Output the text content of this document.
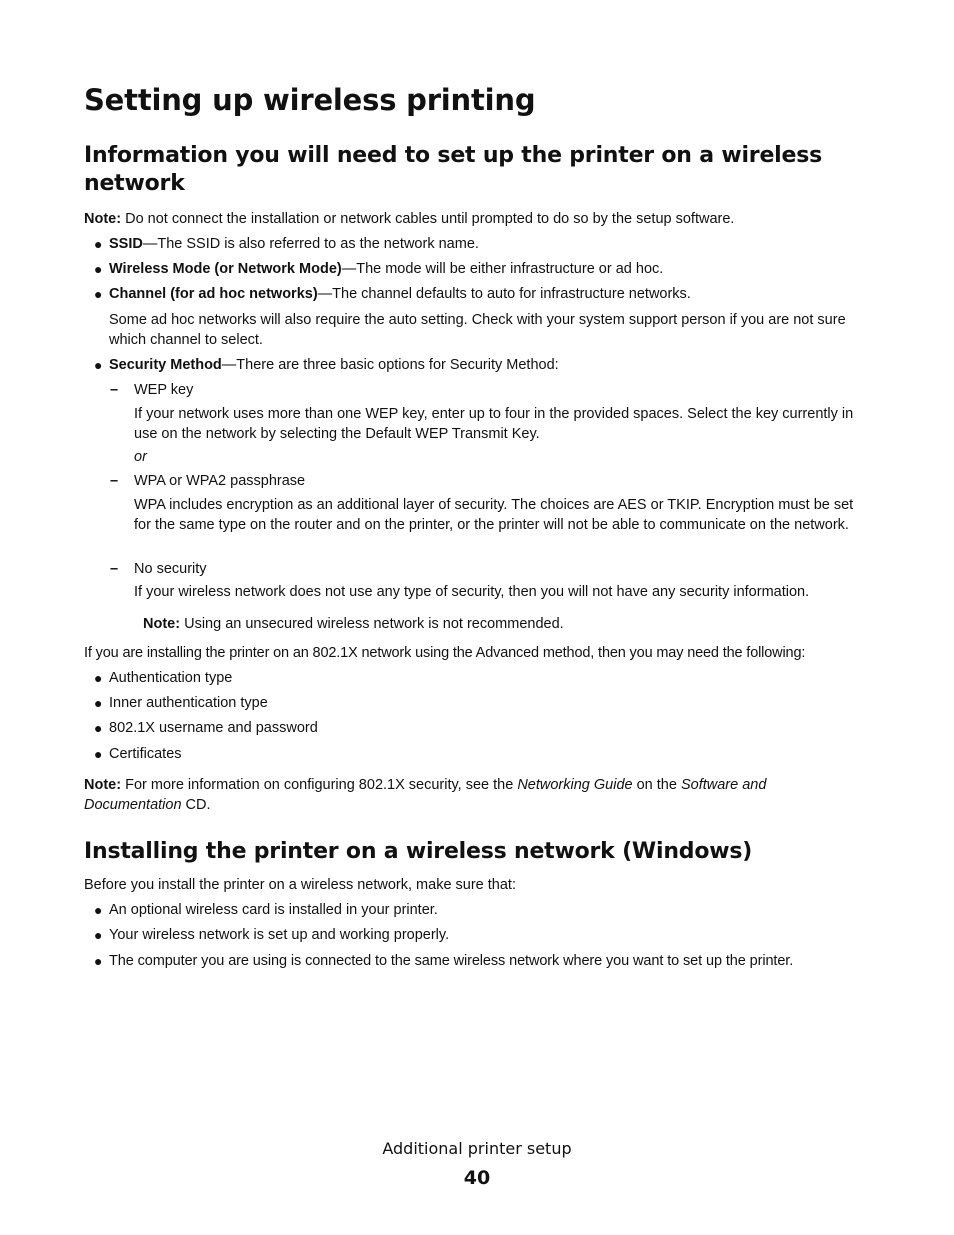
Setting up wireless printing
Information you will need to set up the printer on a wireless
network

Note: Do not connect the installation or network cables until prompted to do so by the setup software.

● SSID—The SSID is also referred to as the network name.

● Wireless Mode (or Network Mode)—The mode will be either infrastructure or ad hoc.

● Channel (for ad hoc networks)—The channel defaults to auto for infrastructure networks.

Some ad hoc networks will also require the auto setting. Check with your system support person if you are not sure which channel to select.

● Security Method—There are three basic options for Security Method:

– WEP key

If your network uses more than one WEP key, enter up to four in the provided spaces. Select the key currently in use on the network by selecting the Default WEP Transmit Key.

or

– WPA or WPA2 passphrase

WPA includes encryption as an additional layer of security. The choices are AES or TKIP. Encryption must be set for the same type on the router and on the printer, or the printer will not be able to communicate on the network.

– No security

If your wireless network does not use any type of security, then you will not have any security information.

Note: Using an unsecured wireless network is not recommended.

If you are installing the printer on an 802.1X network using the Advanced method, then you may need the following:

● Authentication type

● Inner authentication type

● 802.1X username and password

● Certificates

Note: For more information on configuring 802.1X security, see the Networking Guide on the Software and
Documentation CD.

Installing the printer on a wireless network (Windows)

Before you install the printer on a wireless network, make sure that:

● An optional wireless card is installed in your printer.

● Your wireless network is set up and working properly.

● The computer you are using is connected to the same wireless network where you want to set up the printer.

Additional printer setup
40
